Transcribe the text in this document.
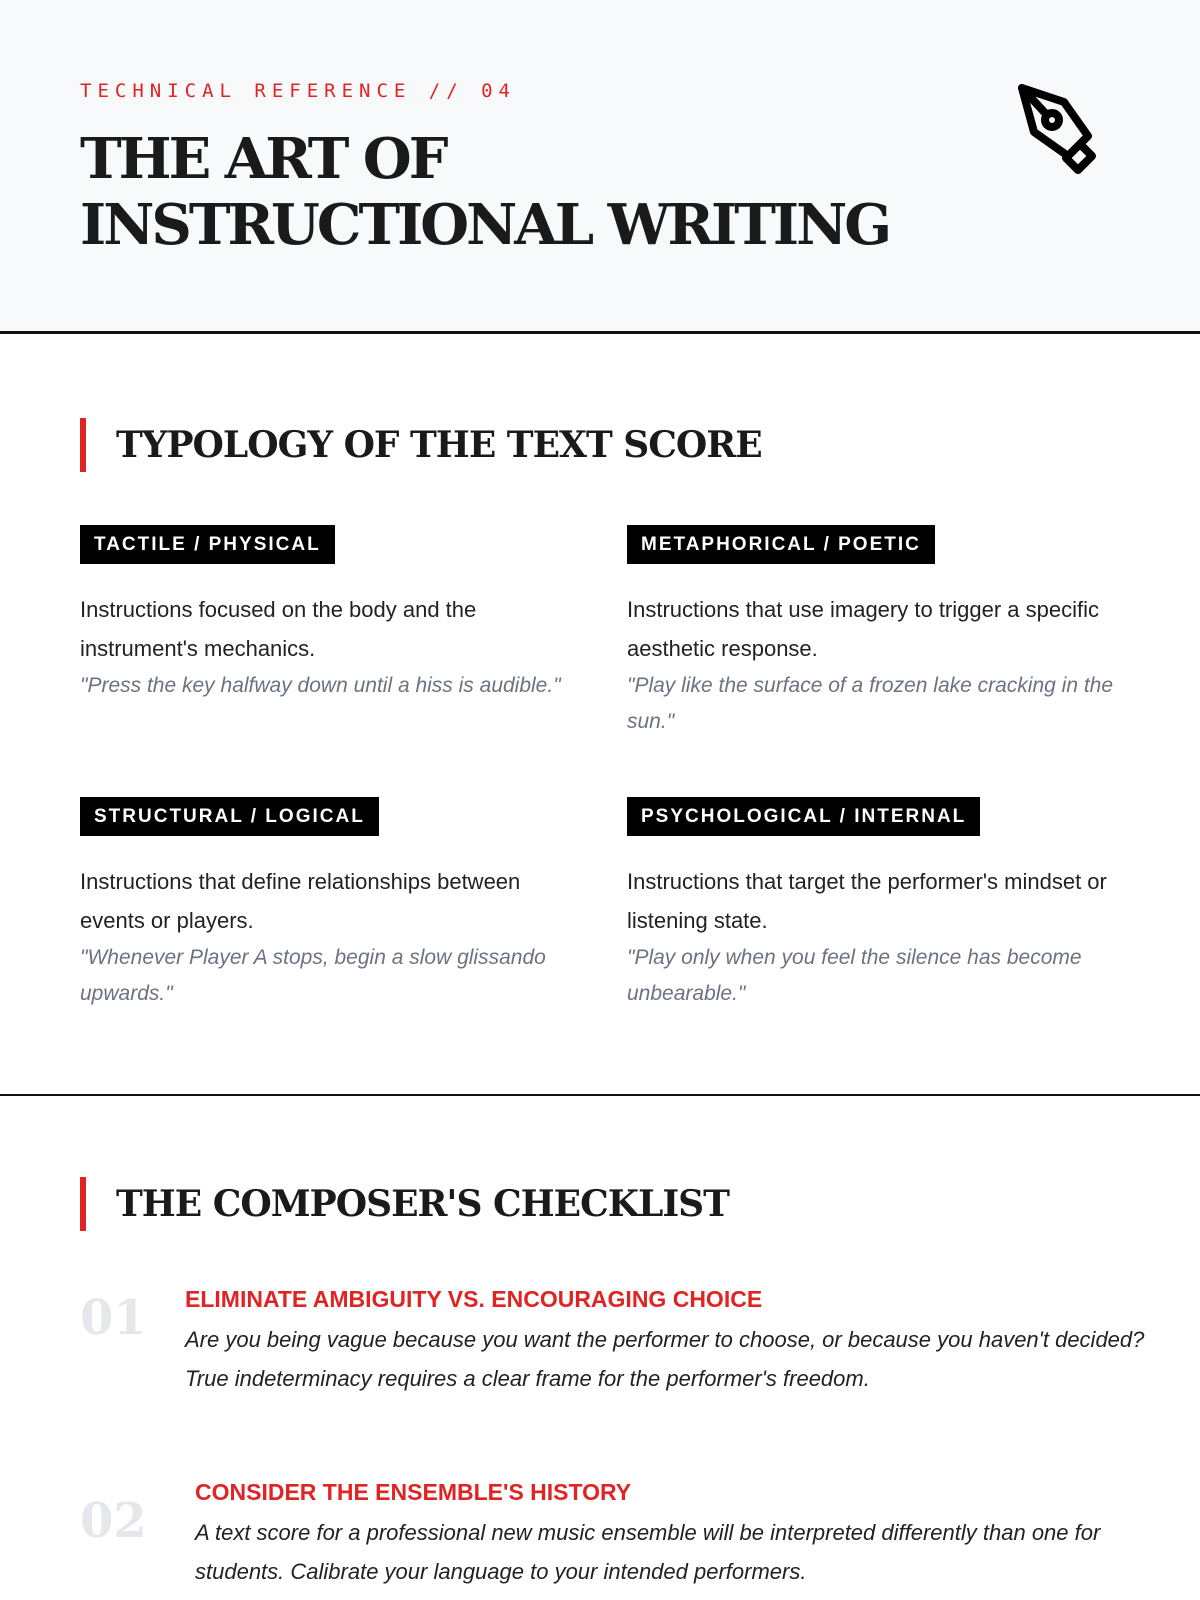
TECHNICAL REFERENCE // 04
THE ART OF
INSTRUCTIONAL WRITING
TYPOLOGY OF THE TEXT SCORE
TACTILE / PHYSICAL

Instructions focused on the body and the instrument's mechanics.

"Press the key halfway down until a hiss is audible."

METAPHORICAL / POETIC

Instructions that use imagery to trigger a specific aesthetic response.

"Play like the surface of a frozen lake cracking in the sun."

STRUCTURAL / LOGICAL

Instructions that define relationships between events or players.

"Whenever Player A stops, begin a slow glissando upwards."

PSYCHOLOGICAL / INTERNAL

Instructions that target the performer's mindset or listening state.

"Play only when you feel the silence has become unbearable."

THE COMPOSER'S CHECKLIST
01 ELIMINATE AMBIGUITY VS. ENCOURAGING CHOICE

Are you being vague because you want the performer to choose, or because you haven't decided? True indeterminacy requires a clear frame for the performer's freedom.

02
CONSIDER THE ENSEMBLE'S HISTORY

A text score for a professional new music ensemble will be interpreted differently than one for students. Calibrate your language to your intended performers.
